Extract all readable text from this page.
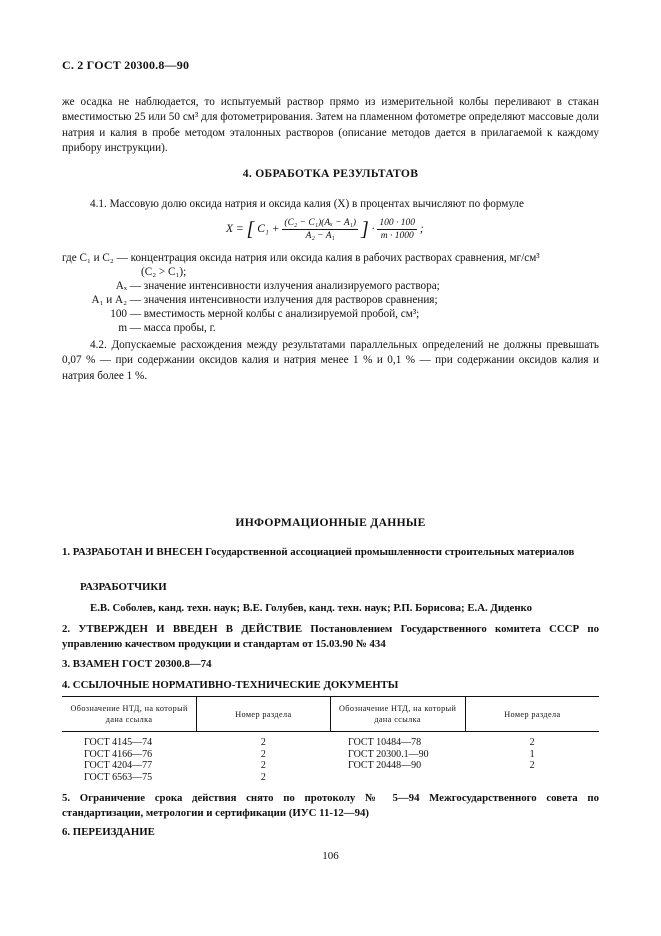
С. 2 ГОСТ 20300.8—90
же осадка не наблюдается, то испытуемый раствор прямо из измерительной колбы переливают в стакан вместимостью 25 или 50 см³ для фотометрирования. Затем на пламенном фотометре определяют массовые доли натрия и калия в пробе методом эталонных растворов (описание методов дается в прилагаемой к каждому прибору инструкции).
4. ОБРАБОТКА РЕЗУЛЬТАТОВ
4.1. Массовую долю оксида натрия и оксида калия (X) в процентах вычисляют по формуле
X = [ $C_1 + \frac{\text{(C₂ − C₁)(Aₓ − A₁)}}{\text{A₂ − A₁}}$ ] · $\frac{100 \cdot 100}{m \cdot 1000}$ ;
где C₁ и C₂ — концентрация оксида натрия или оксида калия в рабочих растворах сравнения, мг/см³
(C₂ > C₁);
Aₓ — значение интенсивности излучения анализируемого раствора;
A₁ и A₂ — значения интенсивности излучения для растворов сравнения;
100 — вместимость мерной колбы с анализируемой пробой, см³;
m — масса пробы, г.
4.2. Допускаемые расхождения между результатами параллельных определений не должны превышать 0,07 % — при содержании оксидов калия и натрия менее 1 % и 0,1 % — при содержании оксидов калия и натрия более 1 %.
ИНФОРМАЦИОННЫЕ ДАННЫЕ
1. РАЗРАБОТАН И ВНЕСЕН Государственной ассоциацией промышленности строительных материалов
РАЗРАБОТЧИКИ
Е.В. Соболев, канд. техн. наук; В.Е. Голубев, канд. техн. наук; Р.П. Борисова; Е.А. Диденко
2. УТВЕРЖДЕН И ВВЕДЕН В ДЕЙСТВИЕ Постановлением Государственного комитета СССР по управлению качеством продукции и стандартам от 15.03.90 № 434
3. ВЗАМЕН ГОСТ 20300.8—74
4. ССЫЛОЧНЫЕ НОРМАТИВНО-ТЕХНИЧЕСКИЕ ДОКУМЕНТЫ
Обозначение НТД, на который дана ссылка	Номер раздела	Обозначение НТД, на который дана ссылка	Номер раздела

ГОСТ 4145—74	2	ГОСТ 10484—78	2
ГОСТ 4166—76	2	ГОСТ 20300.1—90	1
ГОСТ 4204—77	2	ГОСТ 20448—90	2
ГОСТ 6563—75	2		
5. Ограничение срока действия снято по протоколу № 5—94 Межгосударственного совета по стандартизации, метрологии и сертификации (ИУС 11-12—94)
6. ПЕРЕИЗДАНИЕ
106
